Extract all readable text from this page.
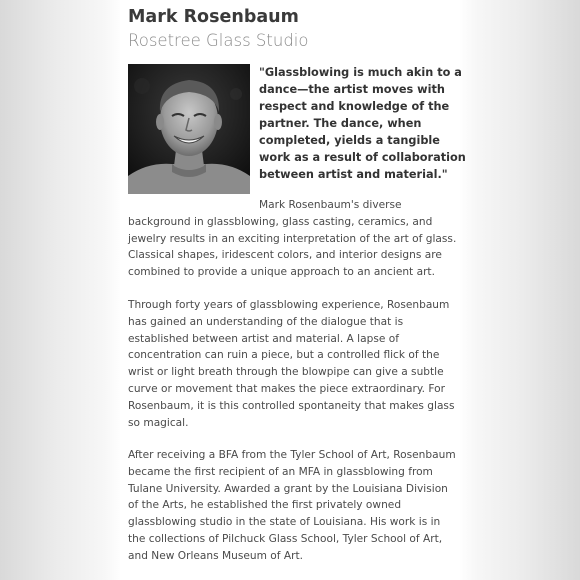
Mark Rosenbaum
Rosetree Glass Studio
"Glassblowing is much akin to a
dance—the artist moves with
respect and knowledge of the
partner. The dance, when
completed, yields a tangible
work as a result of collaboration
between artist and material."
Mark Rosenbaum's diverse
background in glassblowing, glass casting, ceramics, and
jewelry results in an exciting interpretation of the art of glass.
Classical shapes, iridescent colors, and interior designs are
combined to provide a unique approach to an ancient art.
Through forty years of glassblowing experience, Rosenbaum
has gained an understanding of the dialogue that is
established between artist and material. A lapse of
concentration can ruin a piece, but a controlled flick of the
wrist or light breath through the blowpipe can give a subtle
curve or movement that makes the piece extraordinary. For
Rosenbaum, it is this controlled spontaneity that makes glass
so magical.
After receiving a BFA from the Tyler School of Art, Rosenbaum
became the first recipient of an MFA in glassblowing from
Tulane University. Awarded a grant by the Louisiana Division
of the Arts, he established the first privately owned
glassblowing studio in the state of Louisiana. His work is in
the collections of Pilchuck Glass School, Tyler School of Art,
and New Orleans Museum of Art.
